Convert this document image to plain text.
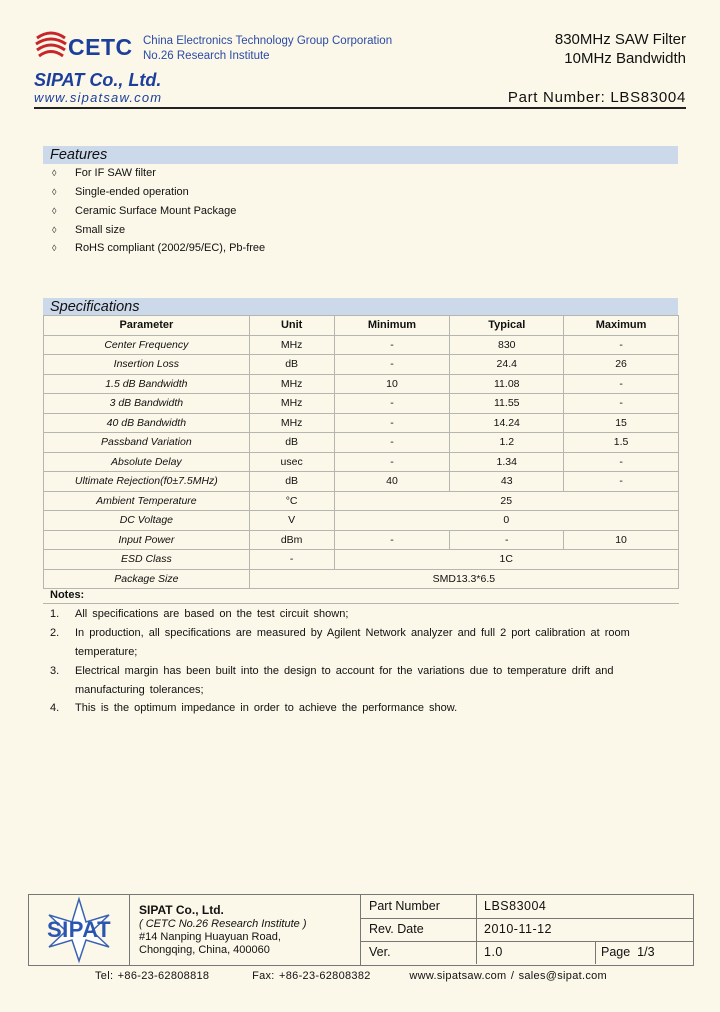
CETC China Electronics Technology Group Corporation
No.26 Research Institute
830MHz SAW Filter
10MHz Bandwidth
SIPAT Co., Ltd.
www.sipatsaw.com	Part Number: LBS83004
Features
◊ For IF SAW filter
◊ Single-ended operation
◊ Ceramic Surface Mount Package
◊ Small size
◊ RoHS compliant (2002/95/EC), Pb-free
Specifications
Parameter	Unit	Minimum	Typical	Maximum
Center Frequency	MHz	-	830	-
Insertion Loss	dB	-	24.4	26
1.5 dB Bandwidth	MHz	10	11.08	-
3 dB Bandwidth	MHz	-	11.55	-
40 dB Bandwidth	MHz	-	14.24	15
Passband Variation	dB	-	1.2	1.5
Absolute Delay	usec	-	1.34	-
Ultimate Rejection(f0±7.5MHz)	dB	40	43	-
Ambient Temperature	°C	25		
DC Voltage	V	0		
Input Power	dBm	-	-	10
ESD Class	-	1C		
Package Size	SMD13.3*6.5			
Notes:
1. All specifications are based on the test circuit shown;
2. In production, all specifications are measured by Agilent Network analyzer and full 2 port calibration at room
temperature;
3. Electrical margin has been built into the design to account for the variations due to temperature drift and
manufacturing tolerances;
4. This is the optimum impedance in order to achieve the performance show.
SIPAT
SIPAT Co., Ltd.
( CETC No.26 Research Institute )
#14 Nanping Huayuan Road,
Chongqing, China, 400060
Part Number	LBS83004
Rev. Date	2010-11-12
Ver.	1.0	Page 1/3
Tel: +86-23-62808818	Fax: +86-23-62808382	www.sipatsaw.com / sales@sipat.com
